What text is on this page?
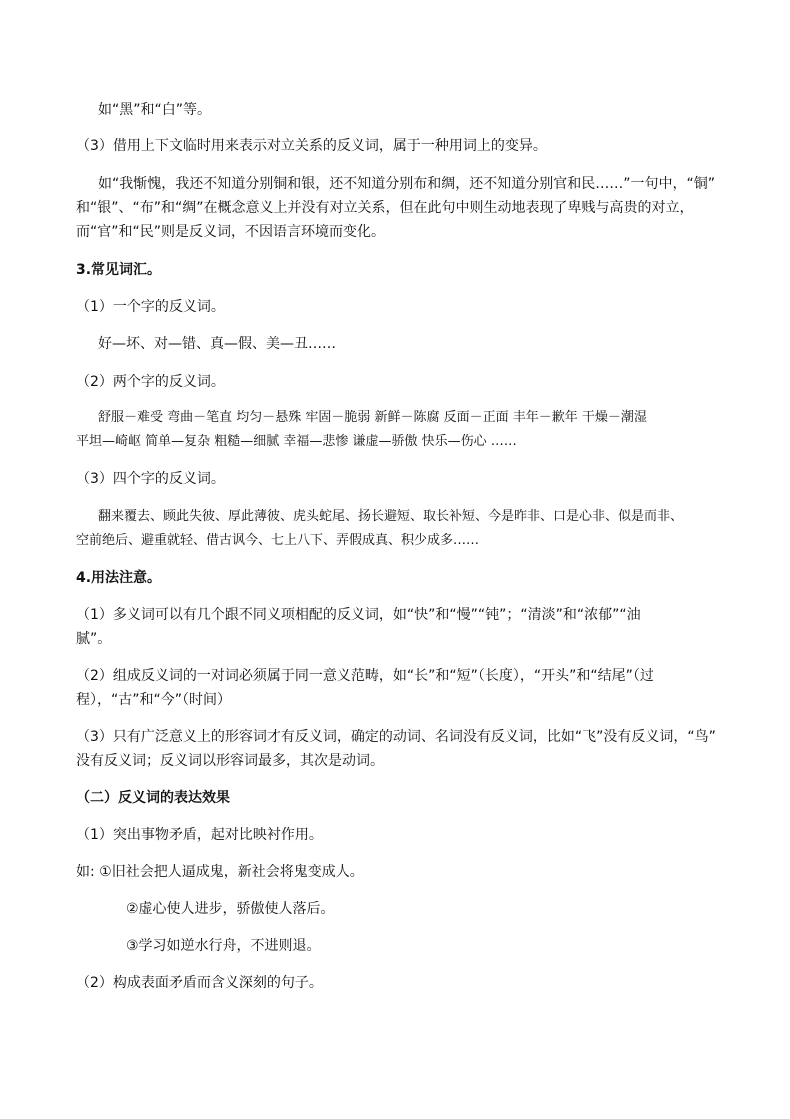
如“黑”和“白”等。

（3）借用上下文临时用来表示对立关系的反义词，属于一种用词上的变异。

如“我惭愧，我还不知道分别铜和银，还不知道分别布和绸，还不知道分别官和民……”一句中，“铜”

和“银”、“布”和“绸”在概念意义上并没有对立关系，但在此句中则生动地表现了卑贱与高贵的对立，

而“官”和“民”则是反义词，不因语言环境而变化。

3.常见词汇。

（1）一个字的反义词。

好—坏、对—错、真—假、美—丑……

（2）两个字的反义词。

舒服－难受 弯曲－笔直 均匀－悬殊 牢固－脆弱 新鲜－陈腐 反面－正面 丰年－歉年 干燥－潮湿

平坦—崎岖 简单—复杂 粗糙—细腻 幸福—悲惨 谦虚—骄傲 快乐—伤心 ……

（3）四个字的反义词。

翻来覆去、顾此失彼、厚此薄彼、虎头蛇尾、扬长避短、取长补短、今是昨非、口是心非、似是而非、

空前绝后、避重就轻、借古讽今、七上八下、弄假成真、积少成多……

4.用法注意。

（1）多义词可以有几个跟不同义项相配的反义词，如“快”和“慢”“钝”；“清淡”和“浓郁”“油

腻”。

（2）组成反义词的一对词必须属于同一意义范畴，如“长”和“短”（长度），“开头”和“结尾”（过

程），“古”和“今”（时间）

（3）只有广泛意义上的形容词才有反义词，确定的动词、名词没有反义词，比如“飞”没有反义词，“鸟”

没有反义词；反义词以形容词最多，其次是动词。

（二）反义词的表达效果

（1）突出事物矛盾，起对比映衬作用。

如: ①旧社会把人逼成鬼，新社会将鬼变成人。

②虚心使人进步，骄傲使人落后。

③学习如逆水行舟，不进则退。

（2）构成表面矛盾而含义深刻的句子。
